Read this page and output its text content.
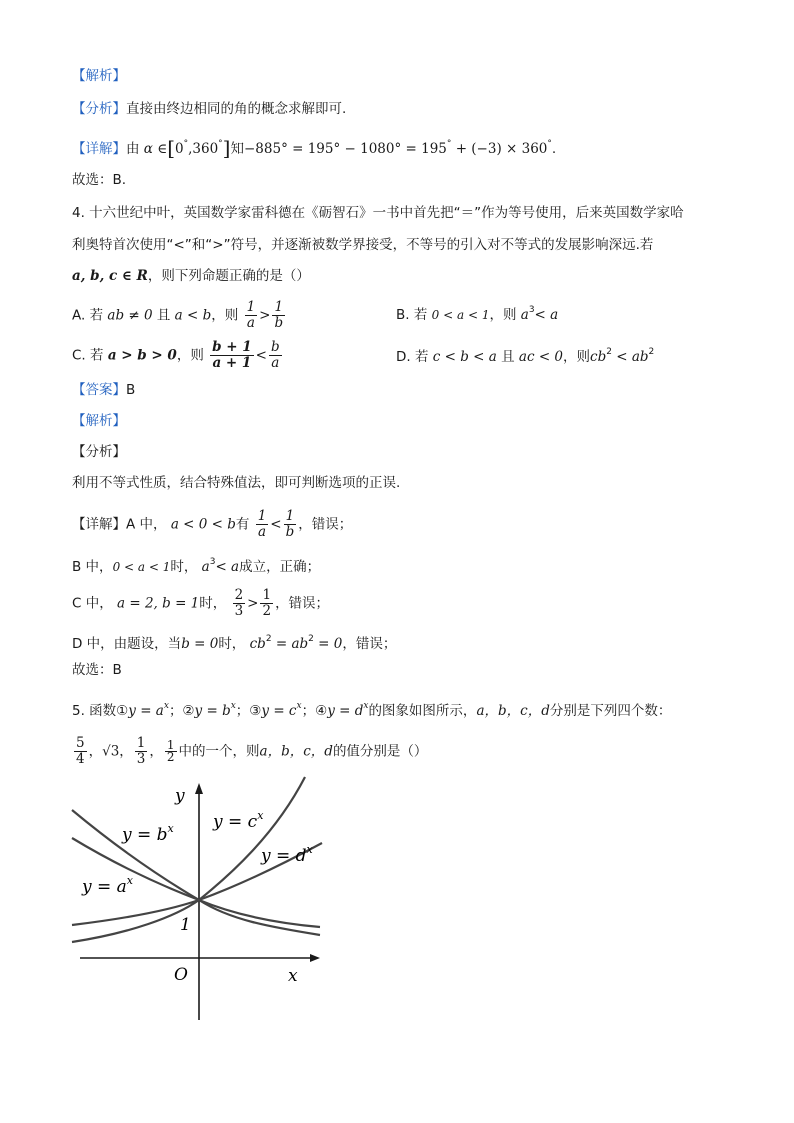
【解析】
【分析】直接由终边相同的角的概念求解即可.
【详解】由 α ∈[0°,360°]知−885° = 195° − 1080° = 195° + (−3) × 360°.
故选：B.
4. 十六世纪中叶，英国数学家雷科德在《砺智石》一书中首先把“＝”作为等号使用，后来英国数学家哈
利奥特首次使用“<”和“>”符号，并逐渐被数学界接受，不等号的引入对不等式的发展影响深远.若
a, b, c ∈ R，则下列命题正确的是（）
A. 若 ab ≠ 0 且 a < b，则 $\frac{1}{a} > \frac{1}{b}$	B. 若 0 < a < 1，则 $a^3< a$
C. 若 a > b > 0，则 $\frac{b + 1}{a + 1} < \frac{b}{a}$	D. 若 c < b < a 且 ac < 0，则$cb^2 < ab^2$
【答案】B
【解析】
【分析】
利用不等式性质，结合特殊值法，即可判断选项的正误.
【详解】A 中， a < 0 < b有 $\frac{1}{a} < \frac{1}{b}$ ，错误；
B 中，0 < a < 1时， $a^3< a$成立，正确；
C 中， a = 2, b = 1时， $\frac{2}{3} > \frac{1}{2}$ ，错误；
D 中，由题设，当b = 0时， $cb^2 = ab^2 = 0$，错误；
故选：B
5. 函数①y = $a^x$；②y = $b^x$；③y = $c^x$；④y = $d^x$的图象如图所示，a，b，c，d分别是下列四个数：
$\frac{5}{4}$ ，√3， $\frac{1}{3}$ ， $\frac{1}{2}$ 中的一个，则a，b，c，d的值分别是（）
y
x
O
1
$y = b^x$ $y = c^x$
$y = d^x$
$y = a^x$
